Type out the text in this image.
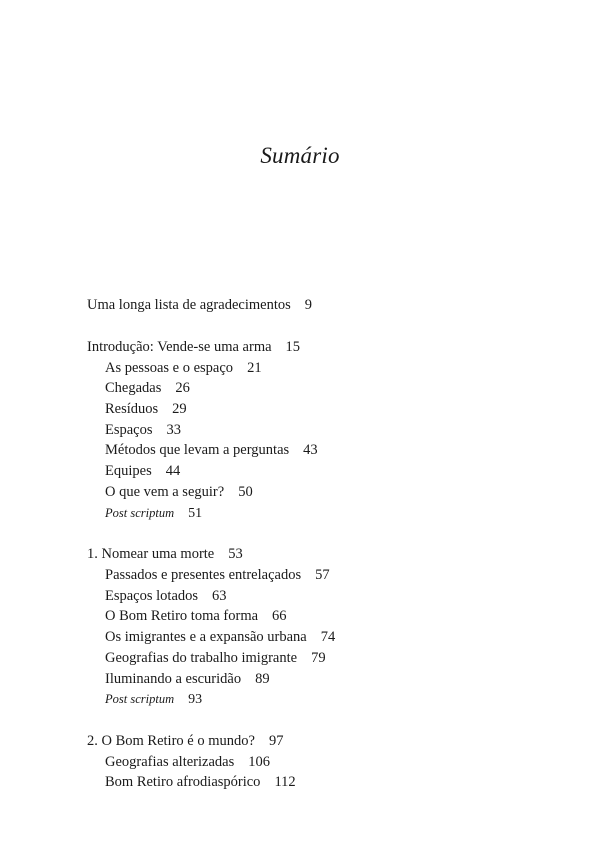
Sumário
Uma longa lista de agradecimentos 9
Introdução: Vende-se uma arma 15
As pessoas e o espaço 21
Chegadas 26
Resíduos 29
Espaços 33
Métodos que levam a perguntas 43
Equipes 44
O que vem a seguir? 50
Post scriptum 51
1. Nomear uma morte 53
Passados e presentes entrelaçados 57
Espaços lotados 63
O Bom Retiro toma forma 66
Os imigrantes e a expansão urbana 74
Geografias do trabalho imigrante 79
Iluminando a escuridão 89
Post scriptum 93
2. O Bom Retiro é o mundo? 97
Geografias alterizadas 106
Bom Retiro afrodiaspórico 112
